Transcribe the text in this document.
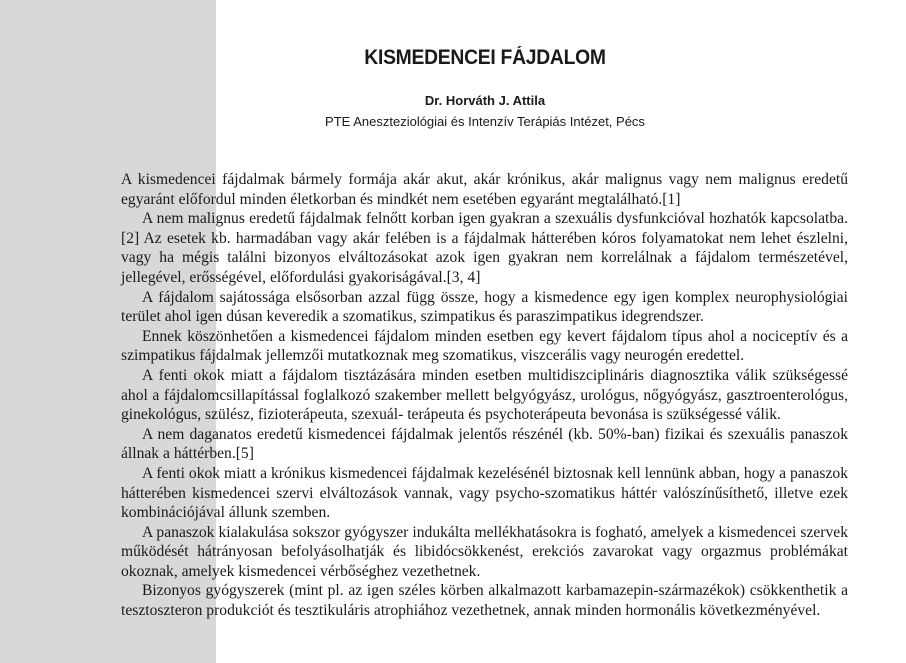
KISMEDENCEI FÁJDALOM
Dr. Horváth J. Attila
PTE Aneszteziológiai és Intenzív Terápiás Intézet, Pécs

A kismedencei fájdalmak bármely formája akár akut, akár krónikus, akár malignus vagy nem malignus eredetű egyaránt előfordul minden életkorban és mindkét nem esetében egyaránt megtalálható.[1]

A nem malignus eredetű fájdalmak felnőtt korban igen gyakran a szexuális dysfunkcióval hozhatók kapcsolatba.[2] Az esetek kb. harmadában vagy akár felében is a fájdalmak hátterében kóros folyamatokat nem lehet észlelni, vagy ha mégis találni bizonyos elváltozásokat azok igen gyakran nem korrelálnak a fájdalom természetével, jellegével, erősségével, előfordulási gyakoriságával.[3, 4]

A fájdalom sajátossága elsősorban azzal függ össze, hogy a kismedence egy igen komplex neurophysiológiai terület ahol igen dúsan keveredik a szomatikus, szimpatikus és paraszimpatikus idegrendszer.

Ennek köszönhetően a kismedencei fájdalom minden esetben egy kevert fájdalom típus ahol a nociceptív és a szimpatikus fájdalmak jellemzői mutatkoznak meg szomatikus, viszcerális vagy neurogén eredettel.

A fenti okok miatt a fájdalom tisztázására minden esetben multidiszciplináris diagnosztika válik szükségessé ahol a fájdalomcsillapítással foglalkozó szakember mellett belgyógyász, urológus, nőgyógyász, gasztroenterológus, ginekológus, szülész, fizioterápeuta, szexuál- terápeuta és psychoterápeuta bevonása is szükségessé válik.

A nem daganatos eredetű kismedencei fájdalmak jelentős részénél (kb. 50%-ban) fizikai és szexuális panaszok állnak a háttérben.[5]

A fenti okok miatt a krónikus kismedencei fájdalmak kezelésénél biztosnak kell lennünk abban, hogy a panaszok hátterében kismedencei szervi elváltozások vannak, vagy psycho-szomatikus háttér valószínűsíthető, illetve ezek kombinációjával állunk szemben.

A panaszok kialakulása sokszor gyógyszer indukálta mellékhatásokra is fogható, amelyek a kismedencei szervek működését hátrányosan befolyásolhatják és libidócsökkenést, erekciós zavarokat vagy orgazmus problémákat okoznak, amelyek kismedencei vérbőséghez vezethetnek.

Bizonyos gyógyszerek (mint pl. az igen széles körben alkalmazott karbamazepin-származékok) csökkenthetik a tesztoszteron produkciót és tesztikuláris atrophiához vezethetnek, annak minden hormonális következményével.
